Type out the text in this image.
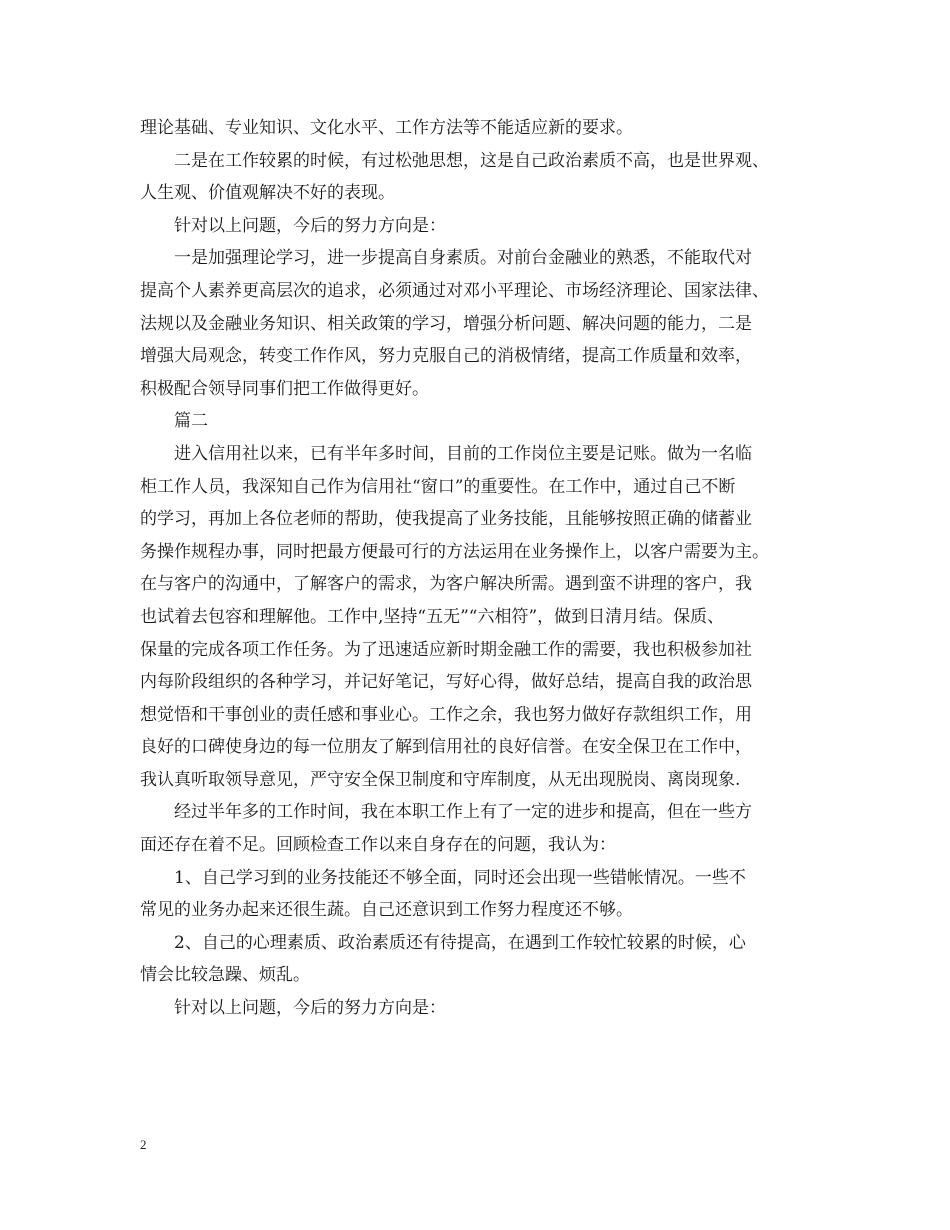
理论基础、专业知识、文化水平、工作方法等不能适应新的要求。
二是在工作较累的时候，有过松弛思想，这是自己政治素质不高，也是世界观、
人生观、价值观解决不好的表现。
针对以上问题，今后的努力方向是：
一是加强理论学习，进一步提高自身素质。对前台金融业的熟悉，不能取代对
提高个人素养更高层次的追求，必须通过对邓小平理论、市场经济理论、国家法律、
法规以及金融业务知识、相关政策的学习，增强分析问题、解决问题的能力，二是
增强大局观念，转变工作作风，努力克服自己的消极情绪，提高工作质量和效率，
积极配合领导同事们把工作做得更好。
篇二
进入信用社以来，已有半年多时间，目前的工作岗位主要是记账。做为一名临
柜工作人员，我深知自己作为信用社“窗口”的重要性。在工作中，通过自己不断
的学习，再加上各位老师的帮助，使我提高了业务技能，且能够按照正确的储蓄业
务操作规程办事，同时把最方便最可行的方法运用在业务操作上，以客户需要为主。
在与客户的沟通中，了解客户的需求，为客户解决所需。遇到蛮不讲理的客户，我
也试着去包容和理解他。工作中,坚持“五无”“六相符”，做到日清月结。保质、
保量的完成各项工作任务。为了迅速适应新时期金融工作的需要，我也积极参加社
内每阶段组织的各种学习，并记好笔记，写好心得，做好总结，提高自我的政治思
想觉悟和干事创业的责任感和事业心。工作之余，我也努力做好存款组织工作，用
良好的口碑使身边的每一位朋友了解到信用社的良好信誉。在安全保卫在工作中，
我认真听取领导意见，严守安全保卫制度和守库制度，从无出现脱岗、离岗现象.
经过半年多的工作时间，我在本职工作上有了一定的进步和提高，但在一些方
面还存在着不足。回顾检查工作以来自身存在的问题，我认为：
1、自己学习到的业务技能还不够全面，同时还会出现一些错帐情况。一些不
常见的业务办起来还很生蔬。自己还意识到工作努力程度还不够。
2、自己的心理素质、政治素质还有待提高，在遇到工作较忙较累的时候，心
情会比较急躁、烦乱。
针对以上问题，今后的努力方向是：
2
